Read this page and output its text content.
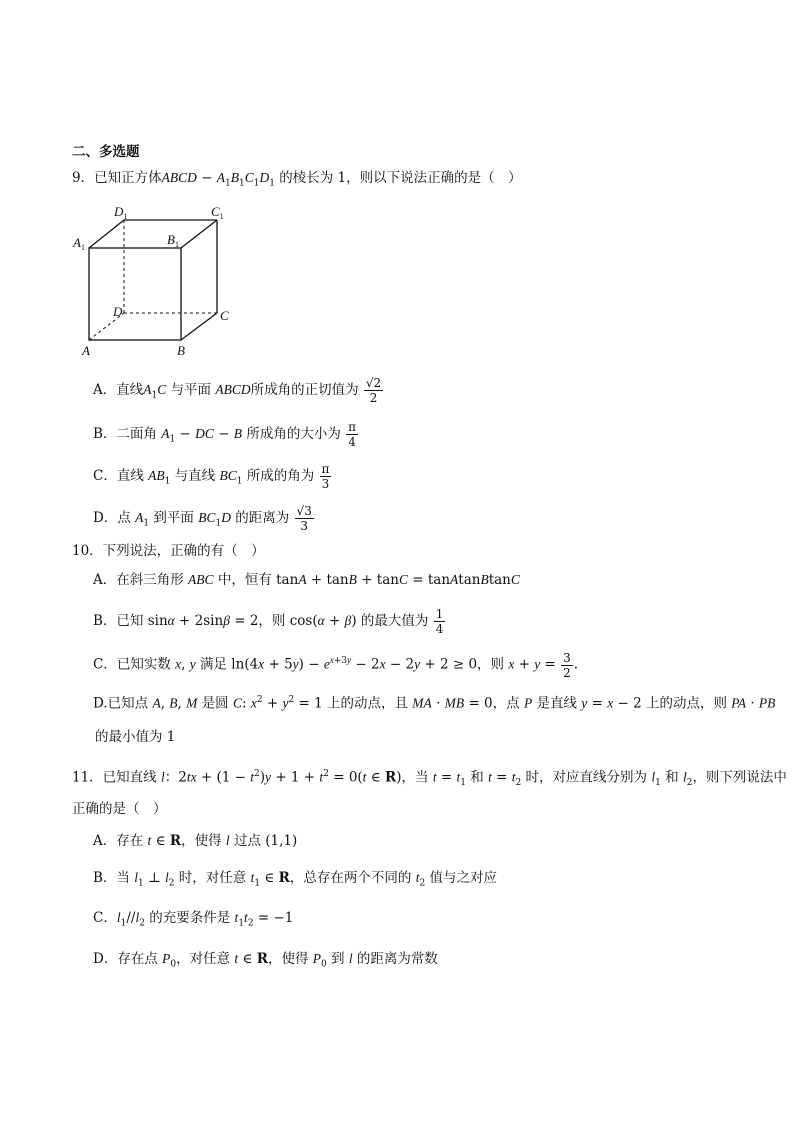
二、多选题
9．已知正方体ABCD − $A_1B_1C_1D_1$ 的棱长为 1，则以下说法正确的是（　）
$D_1$	$C_1$
$A_1$
$B_1$
D	C
A	B
A．直线$A_1C$ 与平面 ABCD所成角的正切值为 $\frac{√2}{2}$
B．二面角 $A_1$ − DC − B 所成角的大小为 $\frac{\pi}{4}$
C．直线 $AB_1$ 与直线 $BC_1$ 所成的角为 $\frac{\pi}{3}$
D．点 $A_1$ 到平面 $BC_1D$ 的距离为 $\frac{√3}{3}$
10．下列说法，正确的有（　）
A．在斜三角形 ABC 中，恒有 tanA + tanB + tanC = tanAtanBtanC
B．已知 sinα + 2sinβ = 2，则 cos(α + β) 的最大值为 $\frac{1}{4}$
C．已知实数 x, y 满足 $\ln(4x + 5y) - e^{x+3y} - 2x - 2y + 2 \ge 0$，则 $x + y = \frac{3}{2}$ .
D.已知点 A, B, M 是圆 C: $x^2 + y^2 = 1$ 上的动点，且 MA · MB = 0，点 P 是直线 y = x − 2 上的动点，则 PA · PB
的最小值为 1
11．已知直线 l：$2tx + (1 - t^2)y + 1 + t^2 = 0(t$ ∈ R)，当 $t = t_1$ 和 $t = t_2$ 时，对应直线分别为 $l_1$ 和 $l_2$，则下列说法中
正确的是（　）
A．存在 t ∈ R，使得 l 过点 (1,1)
B．当 $l_1$ ⊥ $l_2$ 时，对任意 $t_1$ ∈ R，总存在两个不同的 $t_2$ 值与之对应
C．$l_1//l_2$ 的充要条件是 $t_1t_2 = -1$
D．存在点 $P_0$，对任意 t ∈ R，使得 $P_0$ 到 l 的距离为常数
